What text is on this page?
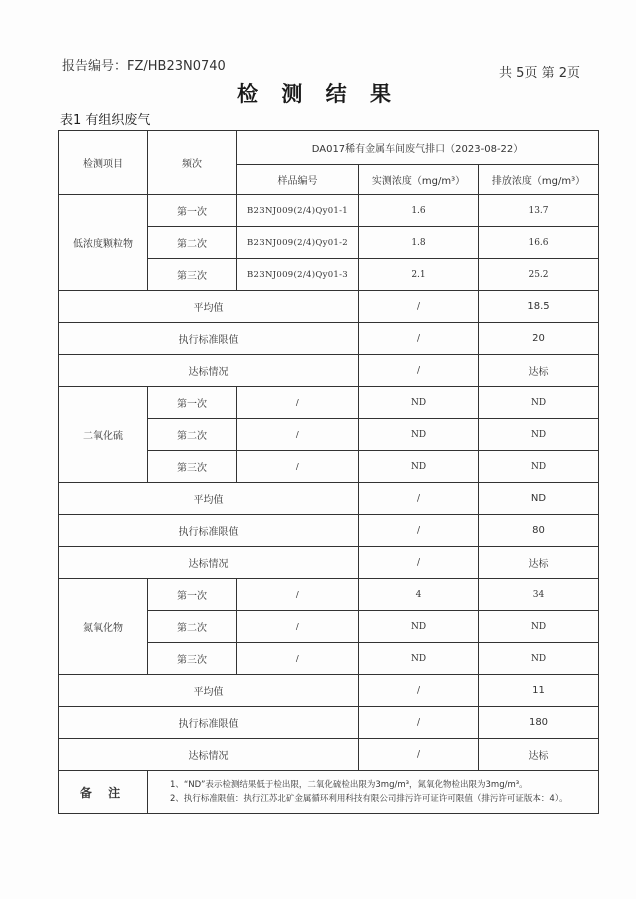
报告编号：FZ/HB23N0740	共 5页 第 2页
检 测 结 果
表1 有组织废气
检测项目	频次	DA017稀有金属车间废气排口（2023-08-22）		
		样品编号	实测浓度（mg/m³）	排放浓度（mg/m³）
低浓度颗粒物	第一次	B23NJ009(2/4)Qy01-1	1.6	13.7
	第二次	B23NJ009(2/4)Qy01-2	1.8	16.6
	第三次	B23NJ009(2/4)Qy01-3	2.1	25.2
平均值			/	18.5
执行标准限值			/	20
达标情况			/	达标
二氧化硫	第一次	/	ND	ND
	第二次	/	ND	ND
	第三次	/	ND	ND
平均值			/	ND
执行标准限值			/	80
达标情况			/	达标
氮氧化物	第一次	/	4	34
	第二次	/	ND	ND
	第三次	/	ND	ND
平均值			/	11
执行标准限值			/	180
达标情况			/	达标
备 注	1、“ND”表示检测结果低于检出限，二氧化硫检出限为3mg/m³，氮氧化物检出限为3mg/m³。
2、执行标准限值：执行江苏北矿金属循环利用科技有限公司排污许可证许可限值（排污许可证版本：4）。			
